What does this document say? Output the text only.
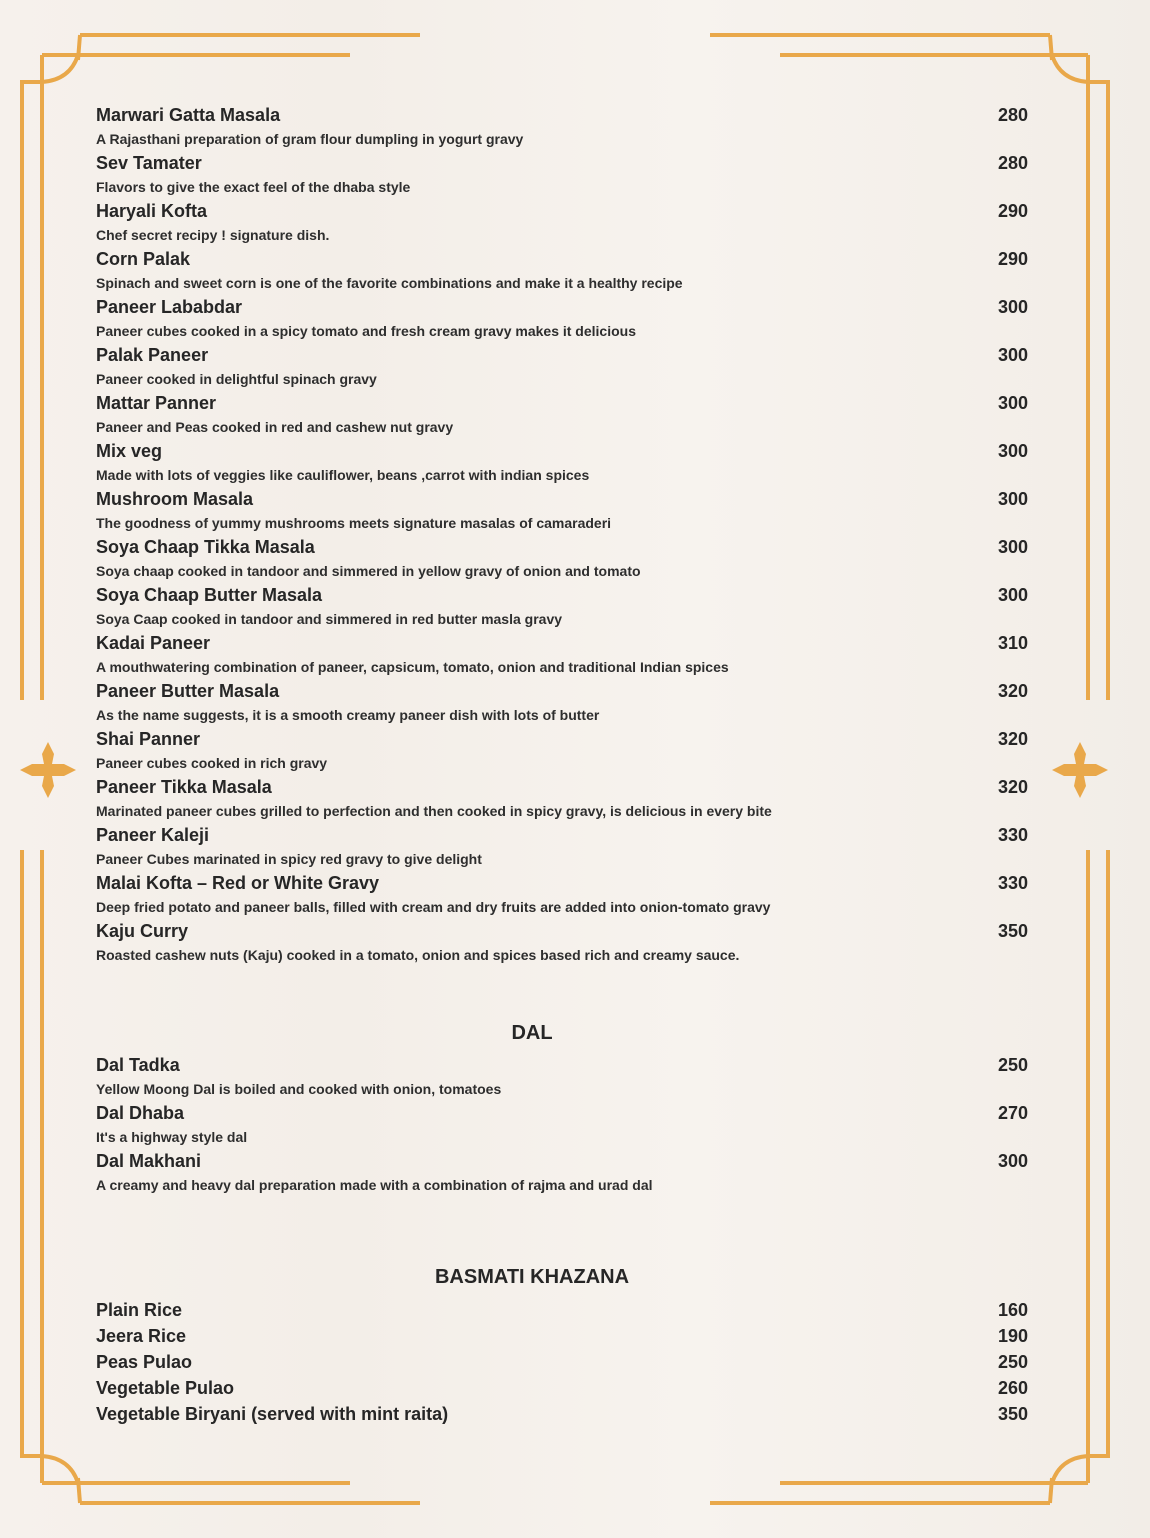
Marwari Gatta Masala
A Rajasthani preparation of gram flour dumpling in yogurt gravy
280
Sev Tamater
Flavors to give the exact feel of the dhaba style
280
Haryali Kofta
Chef secret recipy ! signature dish.
290
Corn Palak
Spinach and sweet corn is one of the favorite combinations and make it a healthy recipe
290
Paneer Lababdar
Paneer cubes cooked in a spicy tomato and fresh cream gravy makes it delicious
300
Palak Paneer
Paneer cooked in delightful spinach gravy
300
Mattar Panner
Paneer and Peas cooked in red and cashew nut gravy
300
Mix veg
Made with lots of veggies like cauliflower, beans ,carrot with indian spices
300
Mushroom Masala
The goodness of yummy mushrooms meets signature masalas of camaraderi
300
Soya Chaap Tikka Masala
Soya chaap cooked in tandoor and simmered in yellow gravy of onion and tomato
300
Soya Chaap Butter Masala
Soya Caap cooked in tandoor and simmered in red butter masla gravy
300
Kadai Paneer
A mouthwatering combination of paneer, capsicum, tomato, onion and traditional Indian spices
310
Paneer Butter Masala
As the name suggests, it is a smooth creamy paneer dish with lots of butter
320
Shai Panner
Paneer cubes cooked in rich gravy
320
Paneer Tikka Masala
Marinated paneer cubes grilled to perfection and then cooked in spicy gravy, is delicious in every bite
320
Paneer Kaleji
Paneer Cubes marinated in spicy red gravy to give delight
330
Malai Kofta – Red or White Gravy
Deep fried potato and paneer balls, filled with cream and dry fruits are added into onion-tomato gravy
330
Kaju Curry
Roasted cashew nuts (Kaju) cooked in a tomato, onion and spices based rich and creamy sauce.
350
DAL
Dal Tadka
Yellow Moong Dal is boiled and cooked with onion, tomatoes
250
Dal Dhaba
It's a highway style dal
270
Dal Makhani
A creamy and heavy dal preparation made with a combination of rajma and urad dal
300
BASMATI KHAZANA
Plain Rice	160
Jeera Rice	190
Peas Pulao	250
Vegetable Pulao	260
Vegetable Biryani (served with mint raita)	350
